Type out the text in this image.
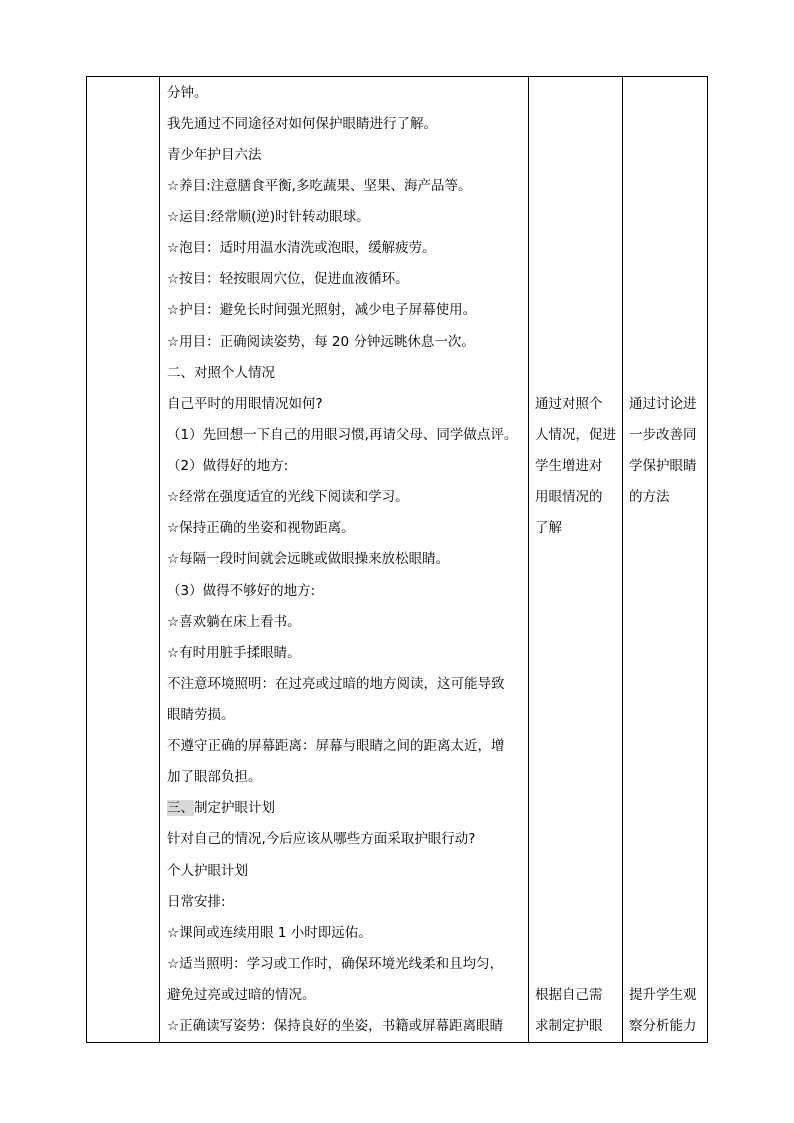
分钟。
我先通过不同途径对如何保护眼睛进行了解。
青少年护目六法
☆养目:注意膳食平衡,多吃蔬果、坚果、海产品等。
☆运目:经常顺(逆)时针转动眼球。
☆泡目：适时用温水清洗或泡眼，缓解疲劳。
☆按目：轻按眼周穴位，促进血液循环。
☆护目：避免长时间强光照射，减少电子屏幕使用。
☆用目：正确阅读姿势，每 20 分钟远眺休息一次。
二、对照个人情况
自己平时的用眼情况如何?
（1）先回想一下自己的用眼习惯,再请父母、同学做点评。
（2）做得好的地方:
☆经常在强度适宜的光线下阅读和学习。
☆保持正确的坐姿和视物距离。
☆每隔一段时间就会远眺或做眼操来放松眼睛。
（3）做得不够好的地方:
☆喜欢躺在床上看书。
☆有时用脏手揉眼睛。
不注意环境照明：在过亮或过暗的地方阅读，这可能导致
眼睛劳损。
不遵守正确的屏幕距离：屏幕与眼睛之间的距离太近，增
加了眼部负担。
三、制定护眼计划
针对自己的情况,今后应该从哪些方面采取护眼行动?
个人护眼计划
日常安排:
☆课间或连续用眼 1 小时即远佑。
☆适当照明：学习或工作时，确保环境光线柔和且均匀，
避免过亮或过暗的情况。
☆正确读写姿势：保持良好的坐姿，书籍或屏幕距离眼睛
通过对照个
人情况，促进
学生增进对
用眼情况的
了解
根据自己需
求制定护眼
通过讨论进
一步改善同
学保护眼睛
的方法
提升学生观
察分析能力
